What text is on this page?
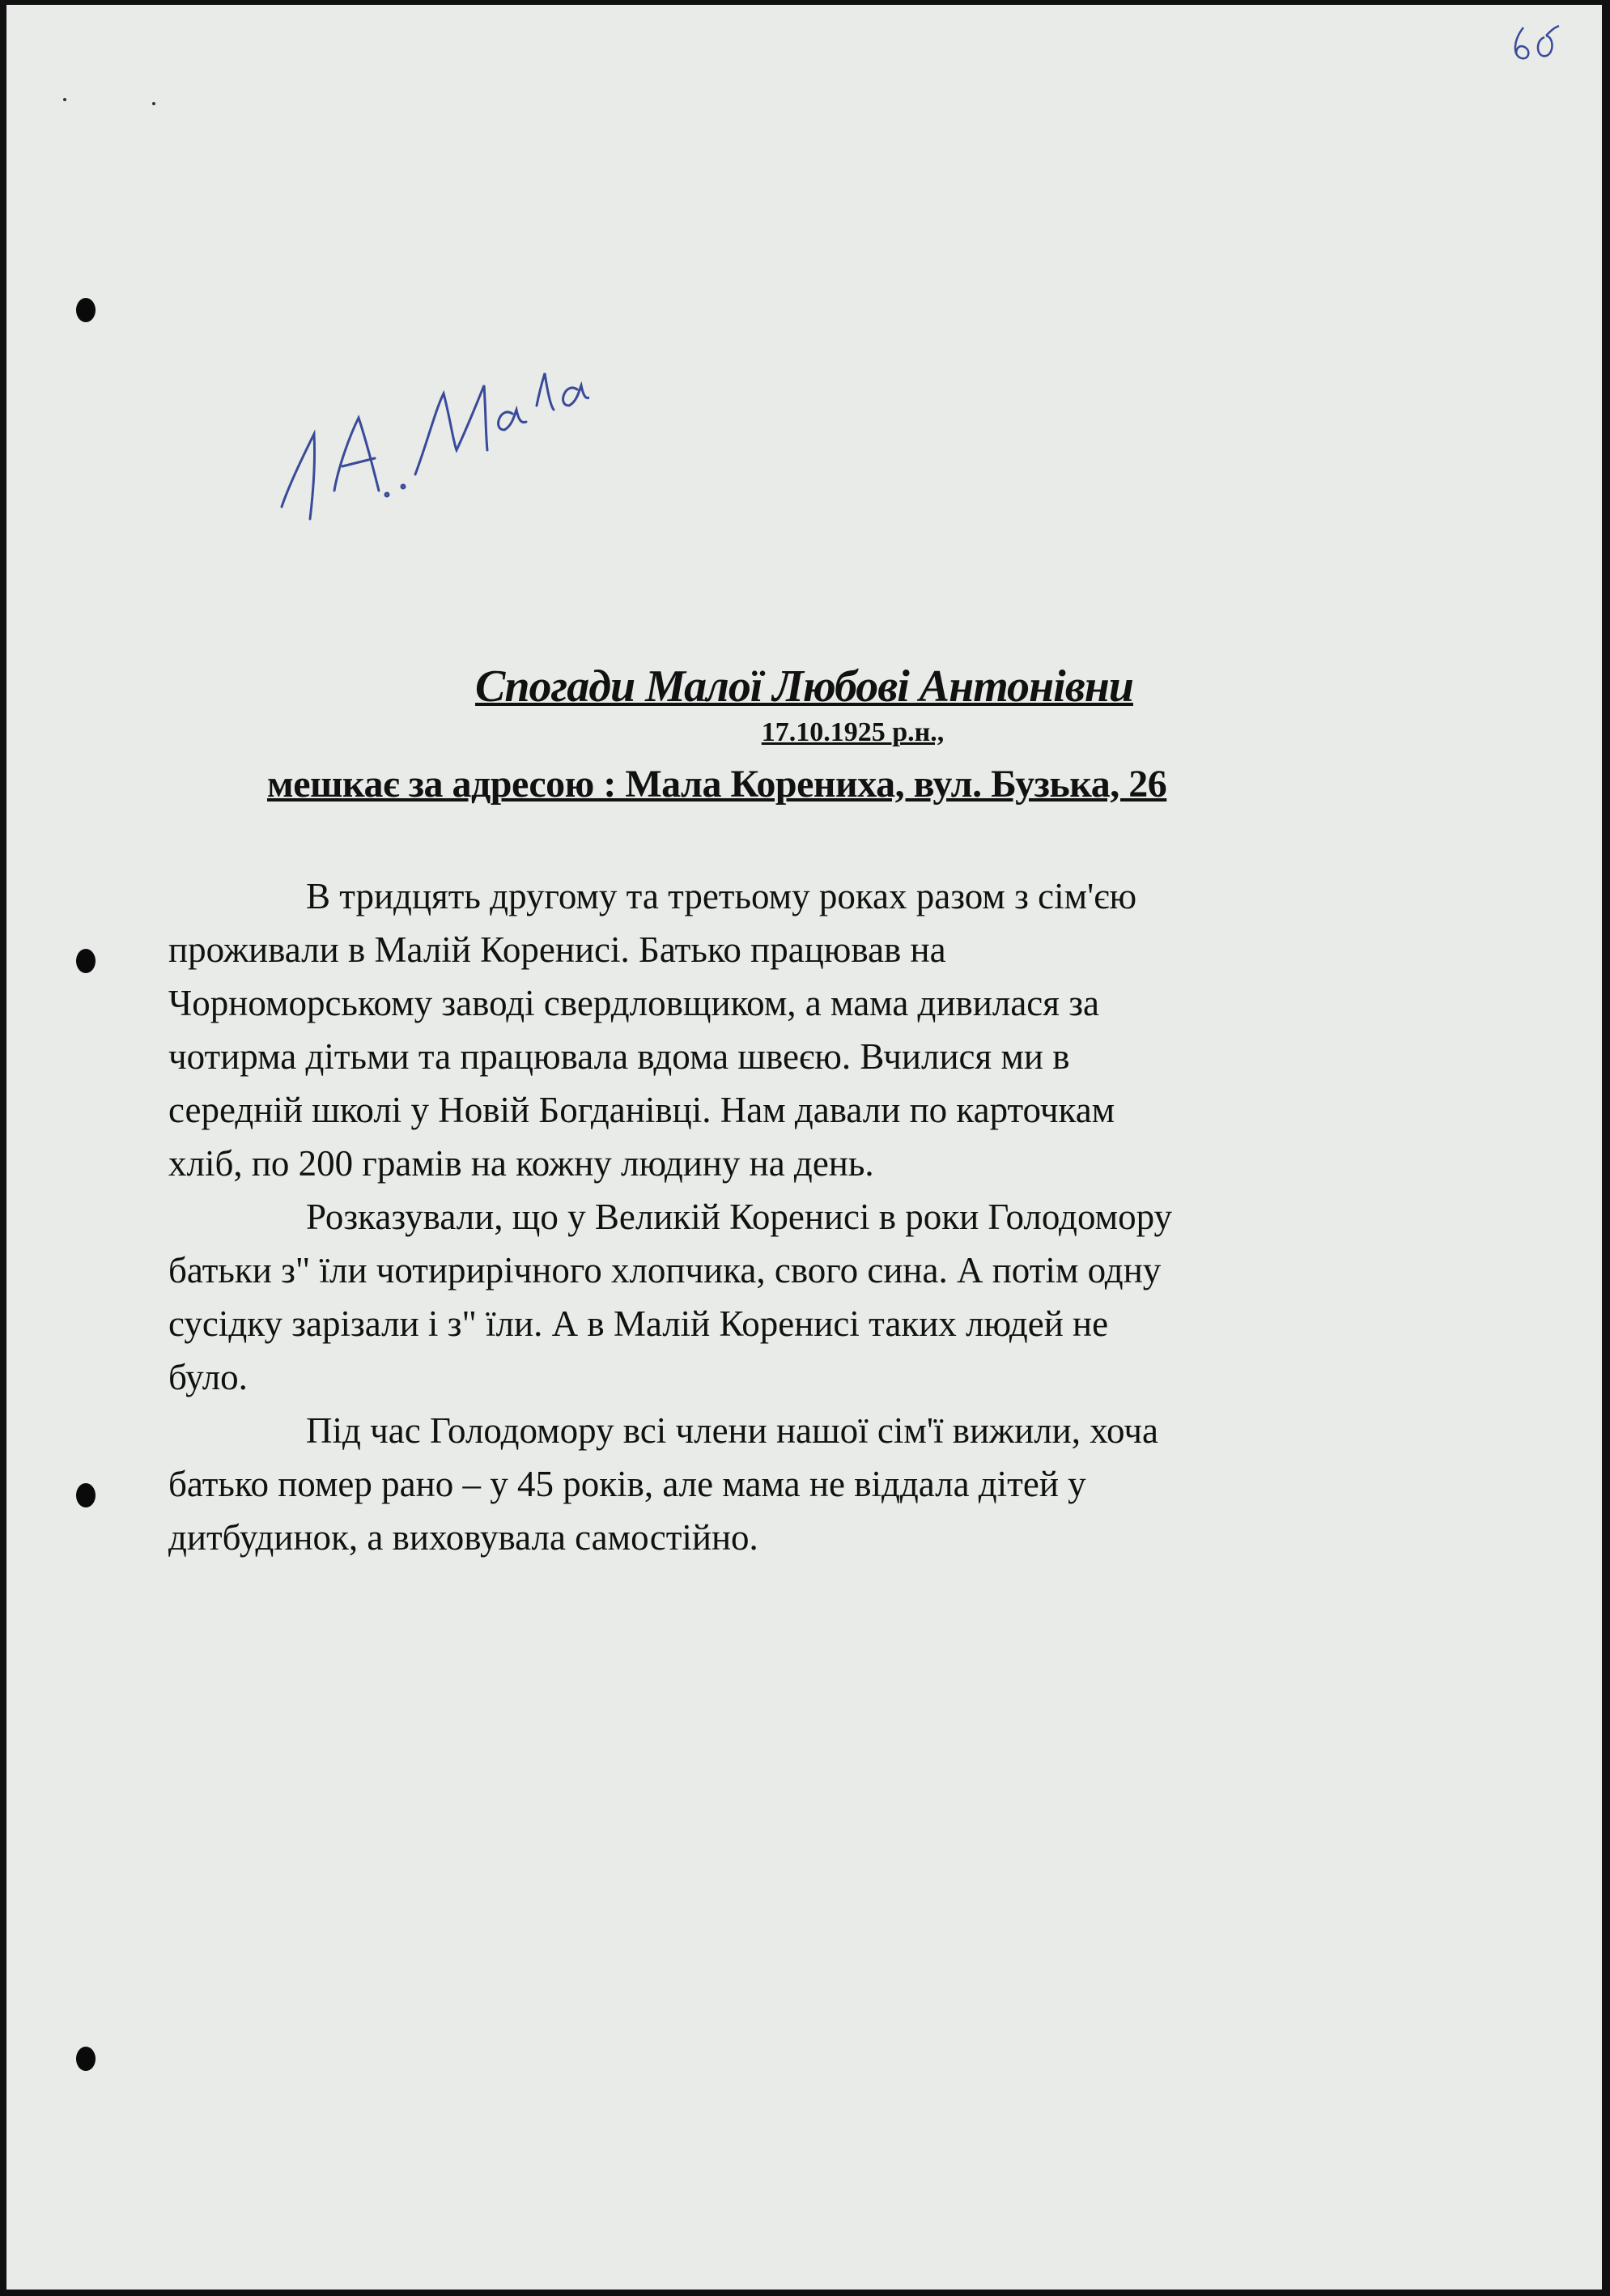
Спогади Малої Любові Антонівни
17.10.1925 р.н.,
мешкає за адресою : Мала Корениха, вул. Бузька, 26
В тридцять другому та третьому роках разом з сім'єю
проживали в Малій Коренисі. Батько працював на
Чорноморському заводі свердловщиком, а мама дивилася за
чотирма дітьми та працювала вдома швеєю. Вчилися ми в
середній школі у Новій Богданівці. Нам давали по карточкам
хліб, по 200 грамів на кожну людину на день.
Розказували, що у Великій Коренисі в роки Голодомору
батьки з" їли чотирирічного хлопчика, свого сина. А потім одну
сусідку зарізали і з" їли. А в Малій Коренисі таких людей не
було.
Під час Голодомору всі члени нашої сім'ї вижили, хоча
батько помер рано – у 45 років, але мама не віддала дітей у
дитбудинок, а виховувала самостійно.
